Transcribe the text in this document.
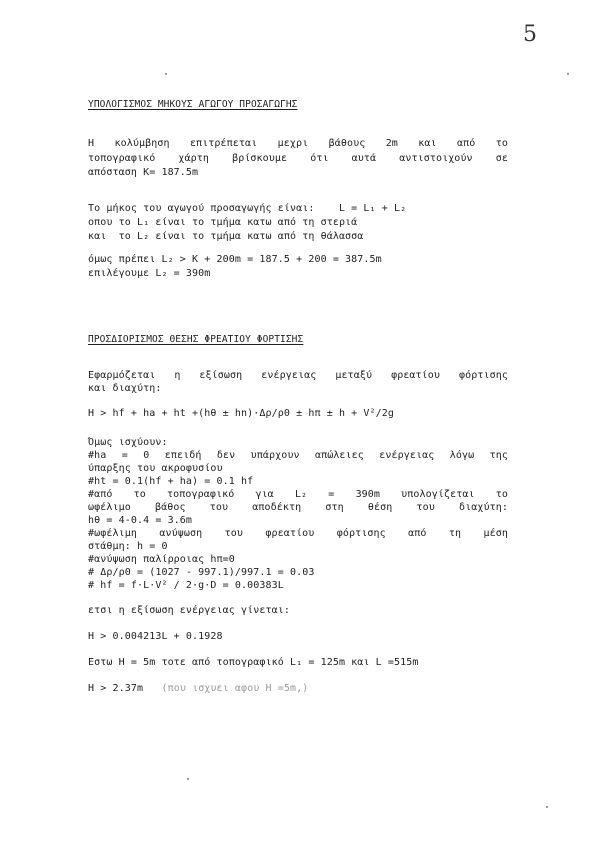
5
ΥΠΟΛΟΓΙΣΜΟΣ ΜΗΚΟΥΣ ΑΓΩΓΟΥ ΠΡΟΣΑΓΩΓΗΣ
Η κολύμβηση επιτρέπεται μεχρι βάθους 2m και από το
τοπογραφικό χάρτη βρίσκουμε ότι αυτά αντιστοιχούν σε
απόσταση K= 187.5m
Το μήκος του αγωγού προσαγωγής είναι:    L = L₁ + L₂
οπου το L₁ είναι το τμήμα κατω από τη στεριά
και  το L₂ είναι το τμήμα κατω από τη θάλασσα
όμως πρέπει L₂ > K + 200m = 187.5 + 200 = 387.5m
επιλέγουμε L₂ = 390m
ΠΡΟΣΔΙΟΡΙΣΜΟΣ ΘΕΣΗΣ ΦΡΕΑΤΙΟΥ ΦΟΡΤΙΣΗΣ
Εφαρμόζεται η εξίσωση ενέργειας μεταξύ φρεατίου φόρτισης
και διαχύτη:
H > hf + ha + ht +(hθ ± hn)·Δρ/ρ0 ± hπ ± h + V²/2g
Όμως ισχύουν:
#ha = 0 επειδή δεν υπάρχουν απώλειες ενέργειας λόγω της
ύπαρξης του ακροφυσίου
#ht = 0.1(hf + ha) = 0.1 hf
#από το τοπογραφικό για L₂ = 390m υπολογίζεται το
ωφέλιμο βάθος του αποδέκτη στη θέση του διαχύτη:
hθ = 4-0.4 = 3.6m
#ωφέλιμη ανύψωση του φρεατίου φόρτισης από τη μέση
στάθμη: h = 0
#ανύψωση παλίρροιας hπ=0
# Δρ/ρ0 = (1027 - 997.1)/997.1 = 0.03
# hf = f·L·V² / 2·g·D = 0.00383L
ετσι η εξίσωση ενέργειας γίνεται:
H > 0.004213L + 0.1928
Εστω H = 5m τοτε από τοπογραφικό L₁ = 125m και L =515m
H > 2.37m (που ισχυει αφου H =5m,)
